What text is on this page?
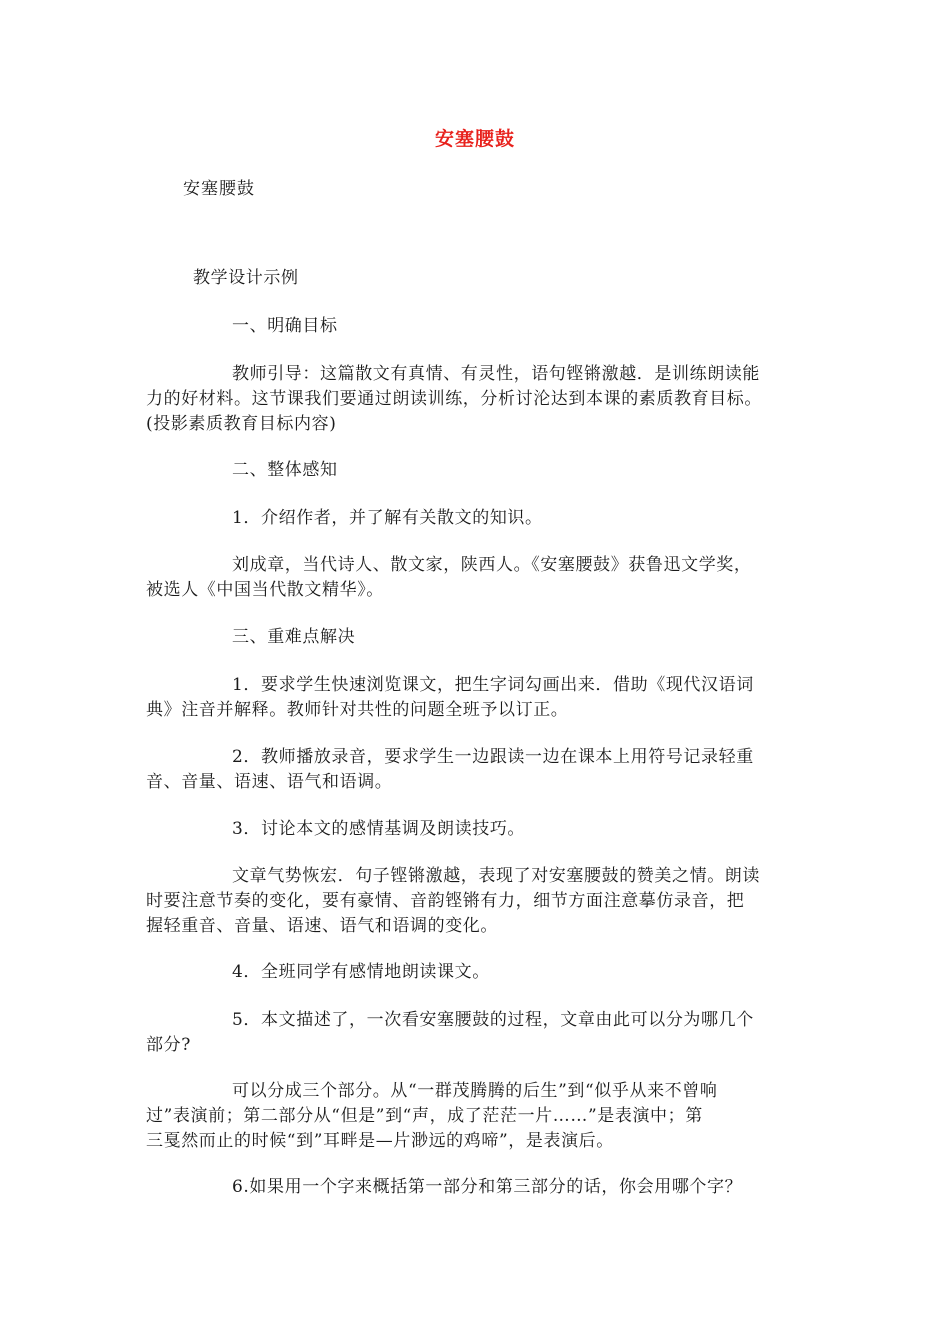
安塞腰鼓
安塞腰鼓
教学设计示例
一、明确目标
教师引导：这篇散文有真情、有灵性，语句铿锵激越．是训练朗读能
力的好材料。这节课我们要通过朗读训练，分析讨沦达到本课的素质教育目标。
(投影素质教育目标内容)
二、整体感知
1．介绍作者，并了解有关散文的知识。
刘成章，当代诗人、散文家，陕西人。《安塞腰鼓》获鲁迅文学奖，
被选人《中国当代散文精华》。
三、重难点解决
1．要求学生快速浏览课文，把生字词勾画出来．借助《现代汉语词
典》注音并解释。教师针对共性的问题全班予以订正。
2．教师播放录音，要求学生一边跟读一边在课本上用符号记录轻重
音、音量、语速、语气和语调。
3．讨论本文的感情基调及朗读技巧。
文章气势恢宏．句子铿锵激越，表现了对安塞腰鼓的赞美之情。朗读
时要注意节奏的变化，要有豪情、音韵铿锵有力，细节方面注意摹仿录音，把
握轻重音、音量、语速、语气和语调的变化。
4．全班同学有感情地朗读课文。
5．本文描述了，一次看安塞腰鼓的过程，文章由此可以分为哪几个
部分?
可以分成三个部分。从“一群茂腾腾的后生”到“似乎从来不曾响
过”表演前；第二部分从“但是”到“声，成了茫茫一片……”是表演中；第
三戛然而止的时候“到”耳畔是—片渺远的鸡啼”，是表演后。
6.如果用一个字来概括第一部分和第三部分的话，你会用哪个字？
